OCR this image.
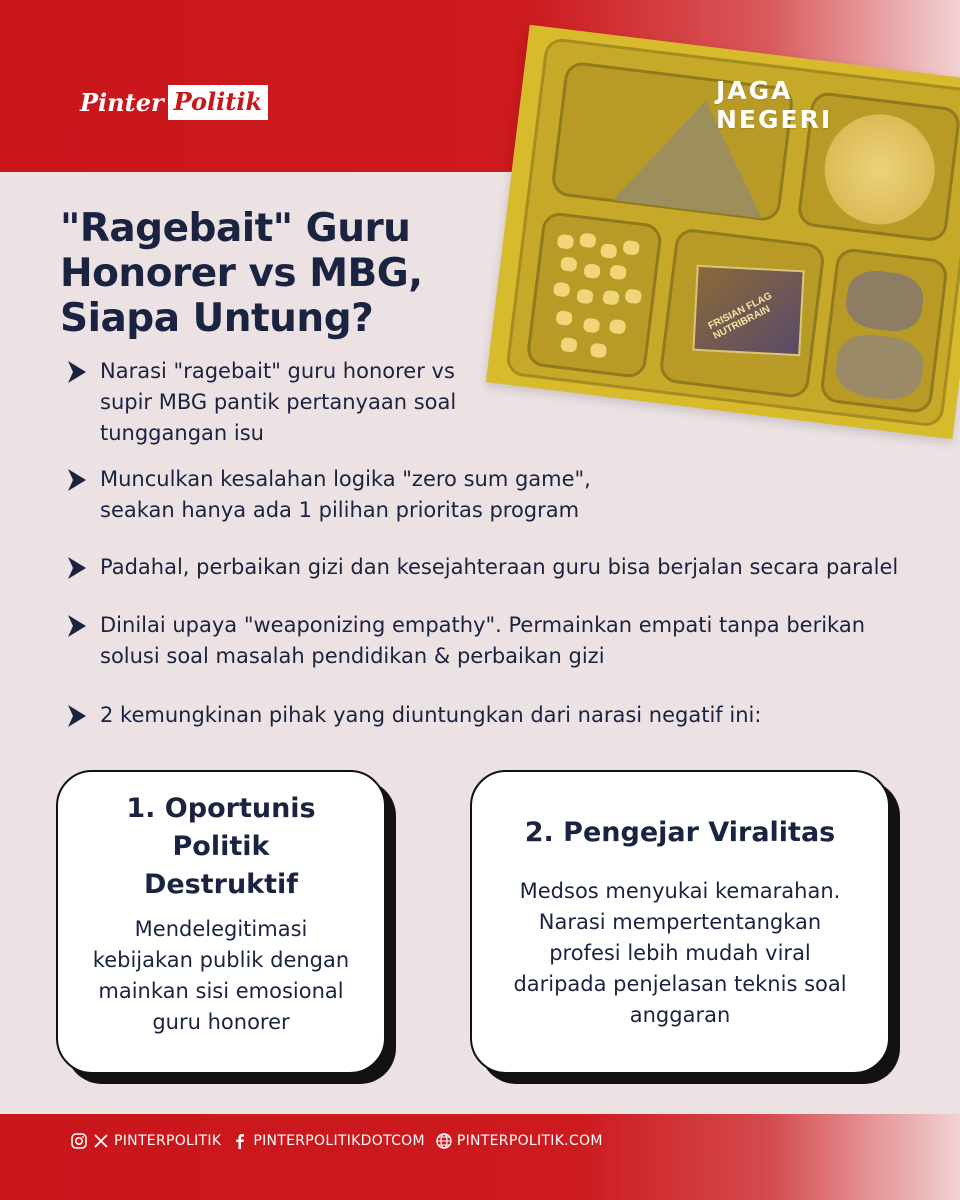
Pinter Politik
FRISIAN FLAG NUTRIBRAIN
JAGA NEGERI
"Ragebait" Guru Honorer vs MBG, Siapa Untung?
Narasi "ragebait" guru honorer vs supir MBG pantik pertanyaan soal tunggangan isu
Munculkan kesalahan logika "zero sum game", seakan hanya ada 1 pilihan prioritas program
Padahal, perbaikan gizi dan kesejahteraan guru bisa berjalan secara paralel
Dinilai upaya "weaponizing empathy". Permainkan empati tanpa berikan solusi soal masalah pendidikan & perbaikan gizi
2 kemungkinan pihak yang diuntungkan dari narasi negatif ini:
1. Oportunis Politik Destruktif
Mendelegitimasi kebijakan publik dengan mainkan sisi emosional guru honorer
2. Pengejar Viralitas
Medsos menyukai kemarahan. Narasi mempertentangkan profesi lebih mudah viral daripada penjelasan teknis soal anggaran
PINTERPOLITIK PINTERPOLITIKDOTCOM PINTERPOLITIK.COM
